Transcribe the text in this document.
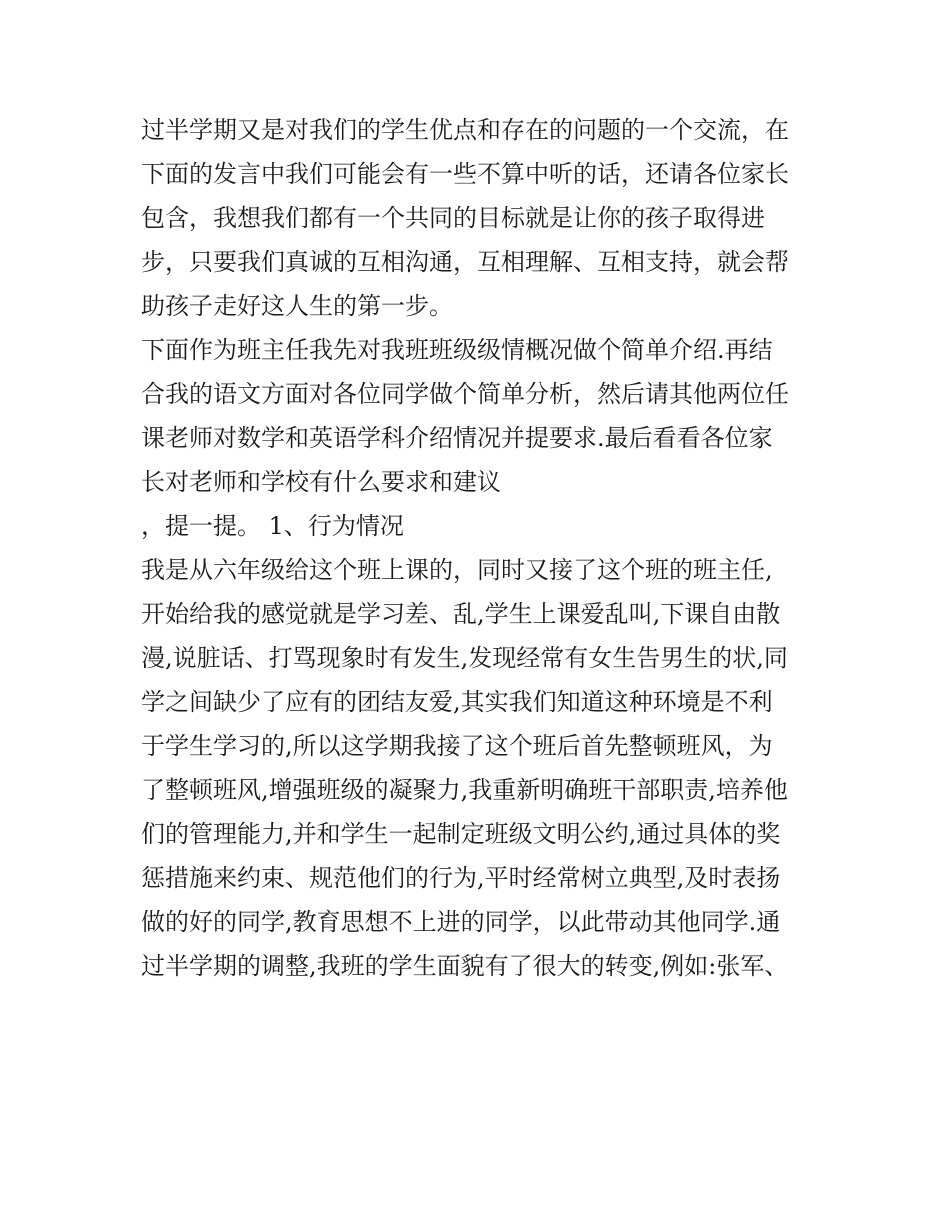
过半学期又是对我们的学生优点和存在的问题的一个交流，在

下面的发言中我们可能会有一些不算中听的话，还请各位家长

包含，我想我们都有一个共同的目标就是让你的孩子取得进

步，只要我们真诚的互相沟通，互相理解、互相支持，就会帮

助孩子走好这人生的第一步。

下面作为班主任我先对我班班级级情概况做个简单介绍.再结

合我的语文方面对各位同学做个简单分析，然后请其他两位任

课老师对数学和英语学科介绍情况并提要求.最后看看各位家

长对老师和学校有什么要求和建议

，提一提。 1、行为情况

我是从六年级给这个班上课的，同时又接了这个班的班主任,

开始给我的感觉就是学习差、乱,学生上课爱乱叫,下课自由散

漫,说脏话、打骂现象时有发生,发现经常有女生告男生的状,同

学之间缺少了应有的团结友爱,其实我们知道这种环境是不利

于学生学习的,所以这学期我接了这个班后首先整顿班风，为

了整顿班风,增强班级的凝聚力,我重新明确班干部职责,培养他

们的管理能力,并和学生一起制定班级文明公约,通过具体的奖

惩措施来约束、规范他们的行为,平时经常树立典型,及时表扬

做的好的同学,教育思想不上进的同学，以此带动其他同学.通

过半学期的调整,我班的学生面貌有了很大的转变,例如:张军、
